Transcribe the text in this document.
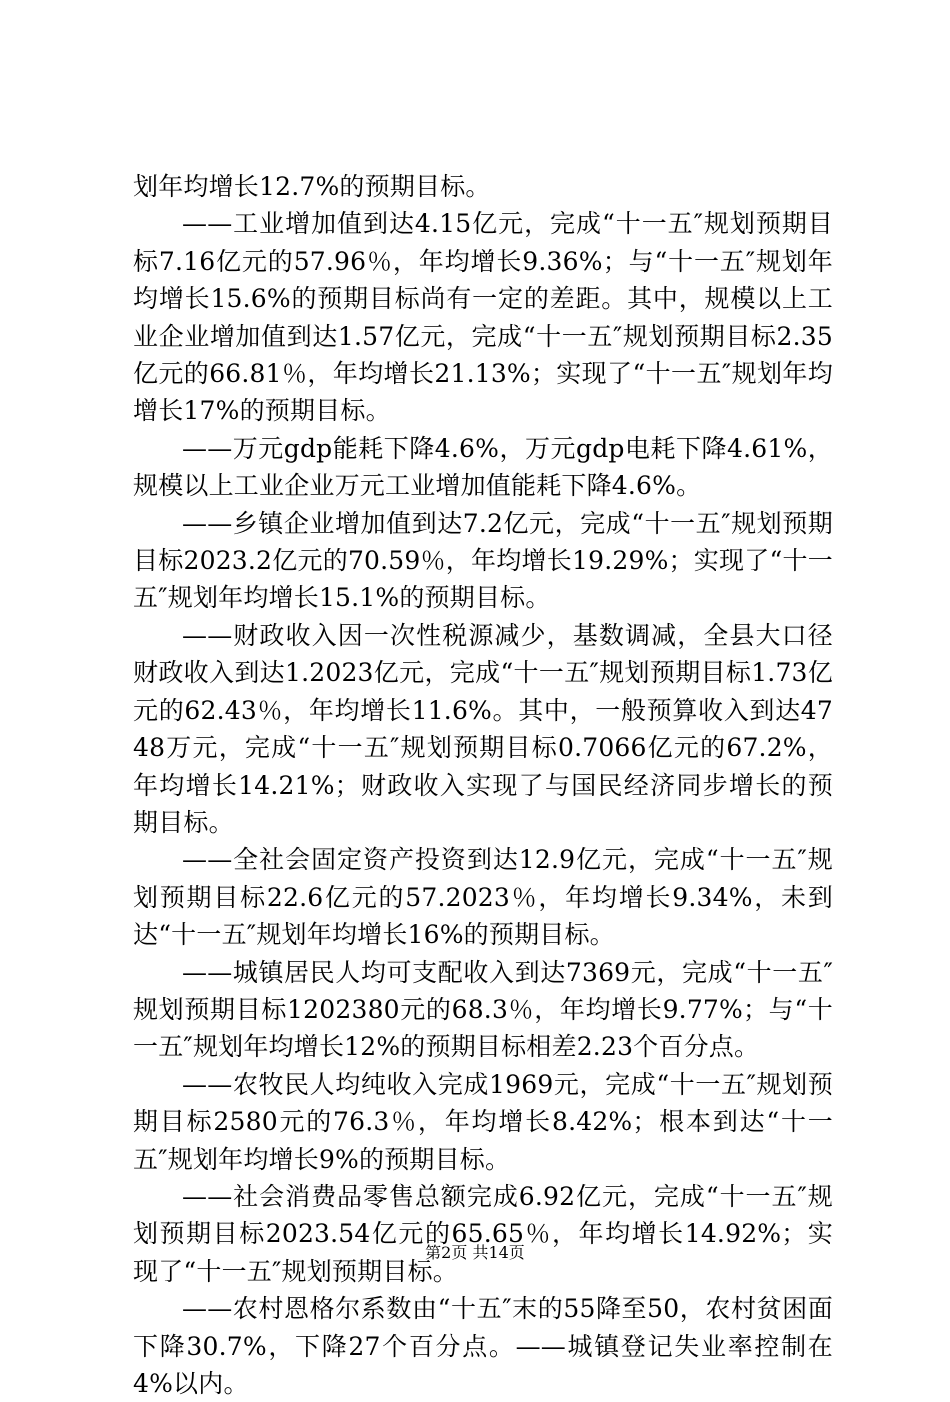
划年均增长12.7%的预期目标。

——工业增加值到达4.15亿元，完成“十一五″规划预期目标7.16亿元的57.96％，年均增长9.36%；与“十一五″规划年均增长15.6%的预期目标尚有一定的差距。其中，规模以上工业企业增加值到达1.57亿元，完成“十一五″规划预期目标2.35亿元的66.81％，年均增长21.13%；实现了“十一五″规划年均增长17%的预期目标。

——万元gdp能耗下降4.6%，万元gdp电耗下降4.61%，规模以上工业企业万元工业增加值能耗下降4.6%。

——乡镇企业增加值到达7.2亿元，完成“十一五″规划预期目标2023.2亿元的70.59％，年均增长19.29%；实现了“十一五″规划年均增长15.1%的预期目标。

——财政收入因一次性税源减少，基数调减，全县大口径财政收入到达1.2023亿元，完成“十一五″规划预期目标1.73亿元的62.43％，年均增长11.6%。其中，一般预算收入到达4748万元，完成“十一五″规划预期目标0.7066亿元的67.2%，年均增长14.21%；财政收入实现了与国民经济同步增长的预期目标。

——全社会固定资产投资到达12.9亿元，完成“十一五″规划预期目标22.6亿元的57.2023％，年均增长9.34%，未到达“十一五″规划年均增长16%的预期目标。

——城镇居民人均可支配收入到达7369元，完成“十一五″规划预期目标1202380元的68.3％，年均增长9.77%；与“十一五″规划年均增长12%的预期目标相差2.23个百分点。

——农牧民人均纯收入完成1969元，完成“十一五″规划预期目标2580元的76.3％，年均增长8.42%；根本到达“十一五″规划年均增长9%的预期目标。

——社会消费品零售总额完成6.92亿元，完成“十一五″规划预期目标2023.54亿元的65.65％，年均增长14.92%；实现了“十一五″规划预期目标。

——农村恩格尔系数由“十五″末的55降至50，农村贫困面下降30.7%，下降27个百分点。——城镇登记失业率控制在4%以内。

第2页 共14页
